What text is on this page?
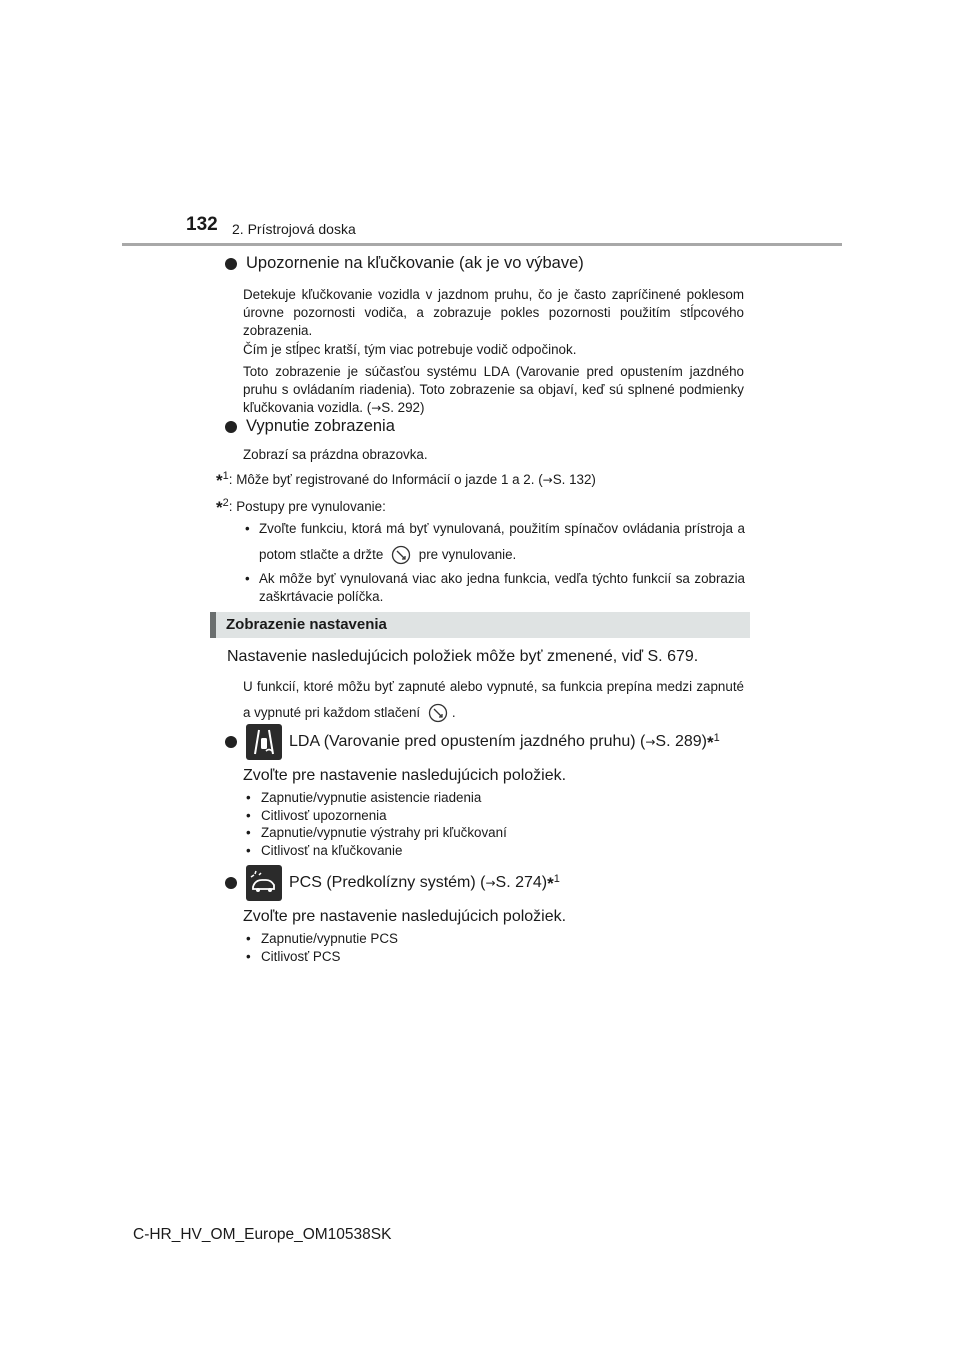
132 2. Prístrojová doska
Upozornenie na kľučkovanie (ak je vo výbave)
Detekuje kľučkovanie vozidla v jazdnom pruhu, čo je často zapríčinené poklesom úrovne pozornosti vodiča, a zobrazuje pokles pozornosti použitím stĺpcového zobrazenia.
Čím je stĺpec kratší, tým viac potrebuje vodič odpočinok.
Toto zobrazenie je súčasťou systému LDA (Varovanie pred opustením jazdného pruhu s ovládaním riadenia). Toto zobrazenie sa objaví, keď sú splnené podmienky kľučkovania vozidla. (→S. 292)
Vypnutie zobrazenia
Zobrazí sa prázdna obrazovka.
*$^1$: Môže byť registrované do Informácií o jazde 1 a 2. (→S. 132)
*$^2$: Postupy pre vynulovanie:
• Zvoľte funkciu, ktorá má byť vynulovaná, použitím spínačov ovládania prístroja a potom stlačte a držte	pre vynulovanie.
• Ak môže byť vynulovaná viac ako jedna funkcia, vedľa týchto funkcií sa zobrazia zaškrtávacie políčka.
Zobrazenie nastavenia
Nastavenie nasledujúcich položiek môže byť zmenené, viď S. 679.
U funkcií, ktoré môžu byť zapnuté alebo vypnuté, sa funkcia prepína medzi zapnuté a vypnuté pri každom stlačení .
LDA (Varovanie pred opustením jazdného pruhu) (→S. 289)*$^1$
Zvoľte pre nastavenie nasledujúcich položiek.
• Zapnutie/vypnutie asistencie riadenia
• Citlivosť upozornenia
• Zapnutie/vypnutie výstrahy pri kľučkovaní
• Citlivosť na kľučkovanie
PCS (Predkolízny systém) (→S. 274)*$^1$
Zvoľte pre nastavenie nasledujúcich položiek.
• Zapnutie/vypnutie PCS
• Citlivosť PCS
C-HR_HV_OM_Europe_OM10538SK
